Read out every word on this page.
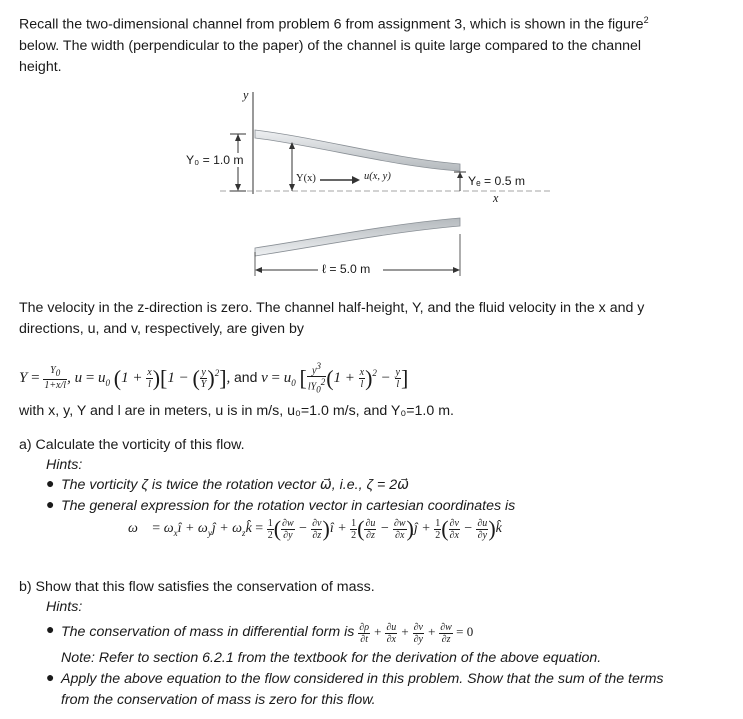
Recall the two-dimensional channel from problem 6 from assignment 3, which is shown in the figure$^2$
below. The width (perpendicular to the paper) of the channel is quite large compared to the channel
height.
y
Y₀ = 1.0 m
Y(x)	u(x, y)	Yₑ = 0.5 m
x
ℓ = 5.0 m
The velocity in the z-direction is zero. The channel half-height, Y, and the fluid velocity in the x and y
directions, u, and v, respectively, are given by
$Y = \frac{Y_0}{1+x/l}$ , $u = u_0$ $(1 + \frac{x}{l} )[1$ − ( $\frac{y}{Y} )^2$], and $v = u_0$ [ $\frac{y^3}{lY_0^2} (1 + \frac{x}{l} )^2 - \frac{y}{l}$ ]
with x, y, Y and l are in meters, u is in m/s, u₀=1.0 m/s, and Y₀=1.0 m.
a) Calculate the vorticity of this flow.
Hints:
● The vorticity ζ is twice the rotation vector ω⃗, i.e., ζ = 2ω⃗
● The general expression for the rotation vector in cartesian coordinates is
ω⃗ = $\omega_xî$ + $\omega_yĵ$ + $\omega_zk̂ = \frac{1}{2}$ ( $\frac{\partial w}{\partial y} - \frac{\partial v}{\partial z}$ )î + $\frac{1}{2}$ ( $\frac{\partial u}{\partial z} - \frac{\partial w}{\partial x}$ )ĵ + $\frac{1}{2}$ ( $\frac{\partial v}{\partial x} - \frac{\partial u}{\partial y}$ )k̂
b) Show that this flow satisfies the conservation of mass.
Hints:
● The conservation of mass in differential form is $\frac{\partial\rho}{\partial t} + \frac{\partial u}{\partial x} + \frac{\partial v}{\partial y} + \frac{\partial w}{\partial z} = 0$
Note: Refer to section 6.2.1 from the textbook for the derivation of the above equation.
● Apply the above equation to the flow considered in this problem. Show that the sum of the terms
from the conservation of mass is zero for this flow.
